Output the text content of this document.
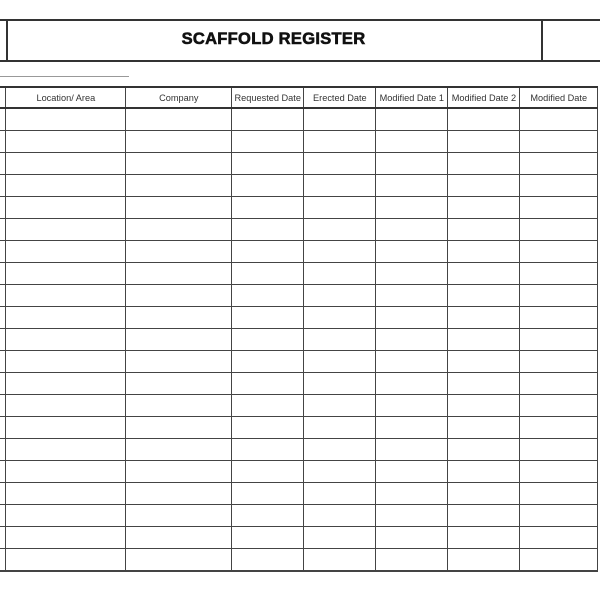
SCAFFOLD REGISTER
	Location/ Area	Company	Requested Date	Erected Date	Modified Date 1	Modified Date 2	Modified Date
